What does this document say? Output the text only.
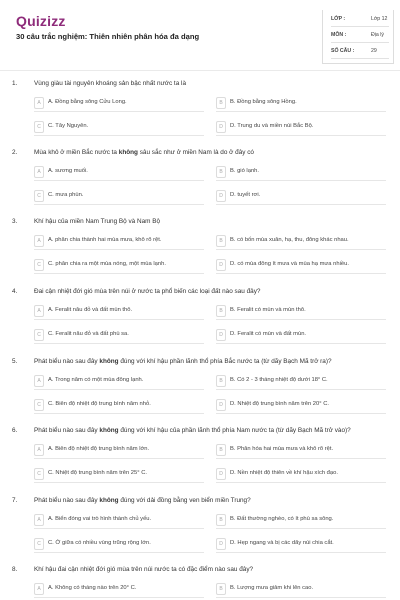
Quizizz
30 câu trắc nghiệm: Thiên nhiên phân hóa đa dạng
LỚP :	Lớp 12
MÔN :	Địa lý
SỐ CÂU :	29
1.	Vùng giàu tài nguyên khoáng sản bậc nhất nước ta là
A	A. Đồng bằng sông Cửu Long.	B	B. Đồng bằng sông Hồng.
C	C. Tây Nguyên.	D	D. Trung du và miền núi Bắc Bộ.
2.	Mùa khô ở miền Bắc nước ta không sâu sắc như ở miền Nam là do ở đây có
A	A. sương muối.	B	B. gió lạnh.
C	C. mưa phùn.	D	D. tuyết rơi.
3.	Khí hậu của miền Nam Trung Bộ và Nam Bộ
A	A. phân chia thành hai mùa mưa, khô rõ rệt.	B	B. có bốn mùa xuân, hạ, thu, đông khác nhau.
C	C. phân chia ra một mùa nóng, một mùa lạnh.	D	D. có mùa đông ít mưa và mùa hạ mưa nhiều.
4.	Đai cận nhiệt đới gió mùa trên núi ở nước ta phổ biến các loại đất nào sau đây?
A	A. Feralit nâu đỏ và đất mùn thô.	B	B. Feralit có mùn và mùn thô.
C	C. Feralit nâu đỏ và đất phù sa.	D	D. Feralit có mùn và đất mùn.
5.	Phát biểu nào sau đây không đúng với khí hậu phần lãnh thổ phía Bắc nước ta (từ dãy Bạch Mã trở ra)?
A	A. Trong năm có một mùa đông lạnh.	B	B. Có 2 - 3 tháng nhiệt độ dưới 18° C.
C	C. Biên độ nhiệt độ trung bình năm nhỏ.	D	D. Nhiệt độ trung bình năm trên 20° C.
6.	Phát biểu nào sau đây không đúng với khí hậu của phần lãnh thổ phía Nam nước ta (từ dãy Bạch Mã trở vào)?
A	A. Biên độ nhiệt độ trung bình năm lớn.	B	B. Phân hóa hai mùa mưa và khô rõ rệt.
C	C. Nhiệt độ trung bình năm trên 25° C.	D	D. Nền nhiệt độ thiên về khí hậu xích đạo.
7.	Phát biểu nào sau đây không đúng với dải đồng bằng ven biển miền Trung?
A	A. Biển đóng vai trò hình thành chủ yếu.	B	B. Đất thường nghèo, có ít phù sa sông.
C	C. Ở giữa có nhiều vùng trũng rộng lớn.	D	D. Hẹp ngang và bị các dãy núi chia cắt.
8.	Khí hậu đai cận nhiệt đới gió mùa trên núi nước ta có đặc điểm nào sau đây?
A	A. Không có tháng nào trên 20° C.	B	B. Lượng mưa giảm khi lên cao.
